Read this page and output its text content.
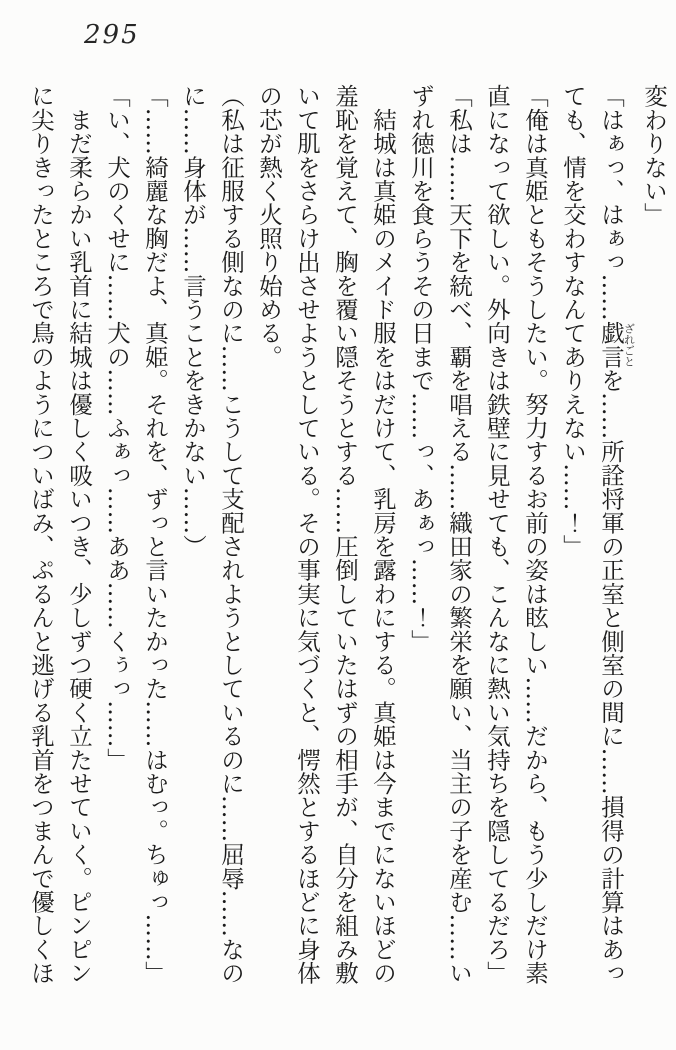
295

変わりない」

「はぁっ、はぁっ……戯言ざれごとを……所詮将軍の正室と側室の間に……損得の計算はあっ

ても、情を交わすなんてありえない……！」

「俺は真姫ともそうしたい。努力するお前の姿は眩しい……だから、もう少しだけ素

直になって欲しい。外向きは鉄壁に見せても、こんなに熱い気持ちを隠してるだろ」

「私は……天下を統べ、覇を唱える……織田家の繁栄を願い、当主の子を産む……い

ずれ徳川を食らうその日まで……っ、あぁっ……！」

　結城は真姫のメイド服をはだけて、乳房を露わにする。真姫は今までにないほどの

羞恥を覚えて、胸を覆い隠そうとする……圧倒していたはずの相手が、自分を組み敷

いて肌をさらけ出させようとしている。その事実に気づくと、愕然とするほどに身体

の芯が熱く火照り始める。

（私は征服する側なのに……こうして支配されようとしているのに……屈辱……なの

に……身体が……言うことをきかない……）

「……綺麗な胸だよ、真姫。それを、ずっと言いたかった……はむっ。ちゅっ……」

「い、犬のくせに……犬の……ふぁっ……ああ……くぅっ……」

　まだ柔らかい乳首に結城は優しく吸いつき、少しずつ硬く立たせていく。ピンピン

に尖りきったところで鳥のようについばみ、ぷるんと逃げる乳首をつまんで優しくほ
